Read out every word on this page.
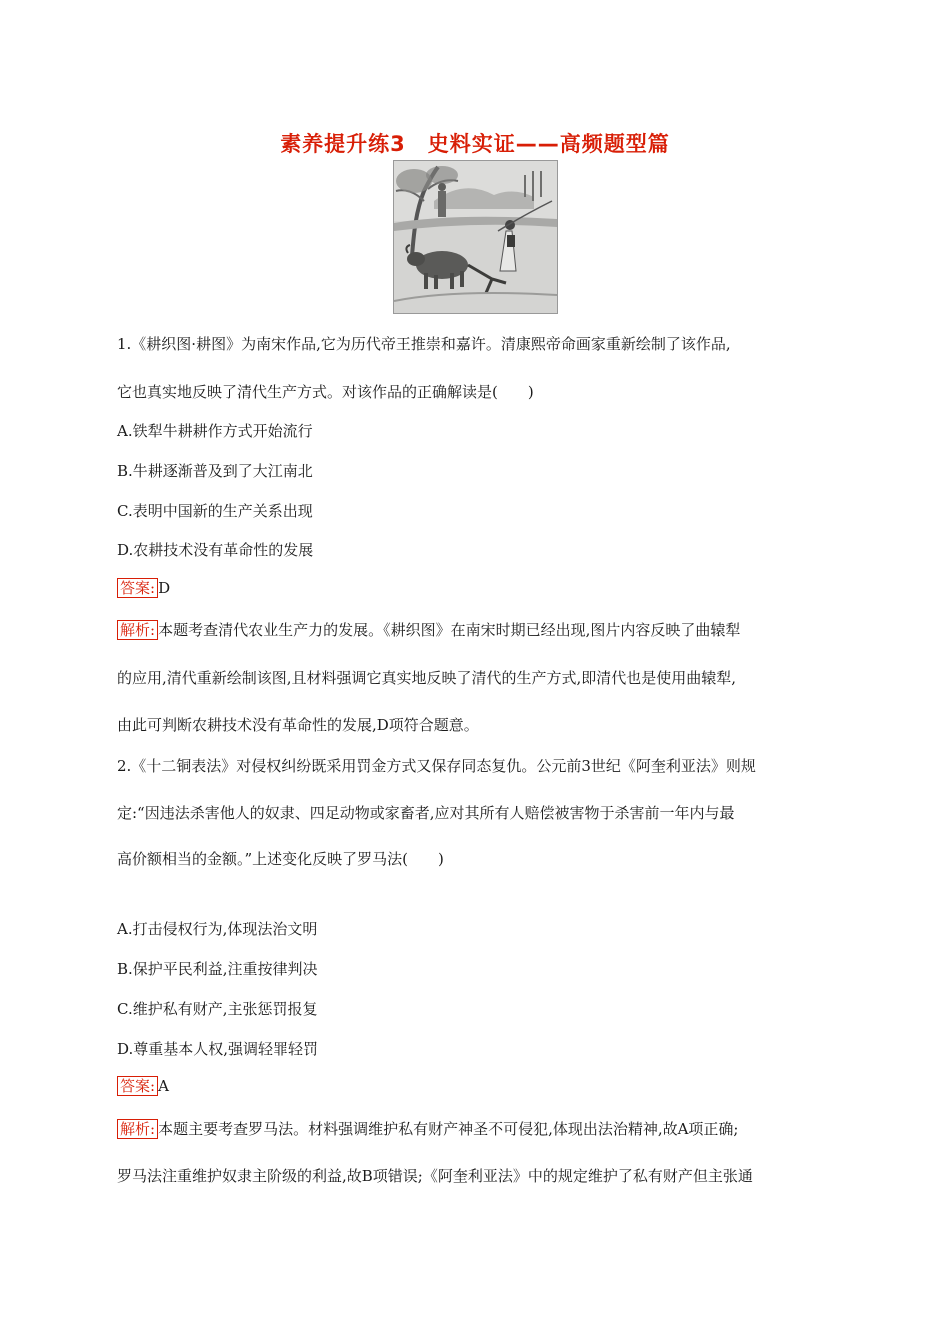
素养提升练3　史料实证——高频题型篇
1.《耕织图·耕图》为南宋作品,它为历代帝王推崇和嘉许。清康熙帝命画家重新绘制了该作品,
它也真实地反映了清代生产方式。对该作品的正确解读是(　　)
A.铁犁牛耕耕作方式开始流行
B.牛耕逐渐普及到了大江南北
C.表明中国新的生产关系出现
D.农耕技术没有革命性的发展
答案: D
解析: 本题考查清代农业生产力的发展。《耕织图》在南宋时期已经出现,图片内容反映了曲辕犁
的应用,清代重新绘制该图,且材料强调它真实地反映了清代的生产方式,即清代也是使用曲辕犁,
由此可判断农耕技术没有革命性的发展,D项符合题意。
2.《十二铜表法》对侵权纠纷既采用罚金方式又保存同态复仇。公元前3世纪《阿奎利亚法》则规
定:“因违法杀害他人的奴隶、四足动物或家畜者,应对其所有人赔偿被害物于杀害前一年内与最
高价额相当的金额。”上述变化反映了罗马法(　　)
A.打击侵权行为,体现法治文明
B.保护平民利益,注重按律判决
C.维护私有财产,主张惩罚报复
D.尊重基本人权,强调轻罪轻罚
答案: A
解析: 本题主要考查罗马法。材料强调维护私有财产神圣不可侵犯,体现出法治精神,故A项正确;
罗马法注重维护奴隶主阶级的利益,故B项错误;《阿奎利亚法》中的规定维护了私有财产但主张通
